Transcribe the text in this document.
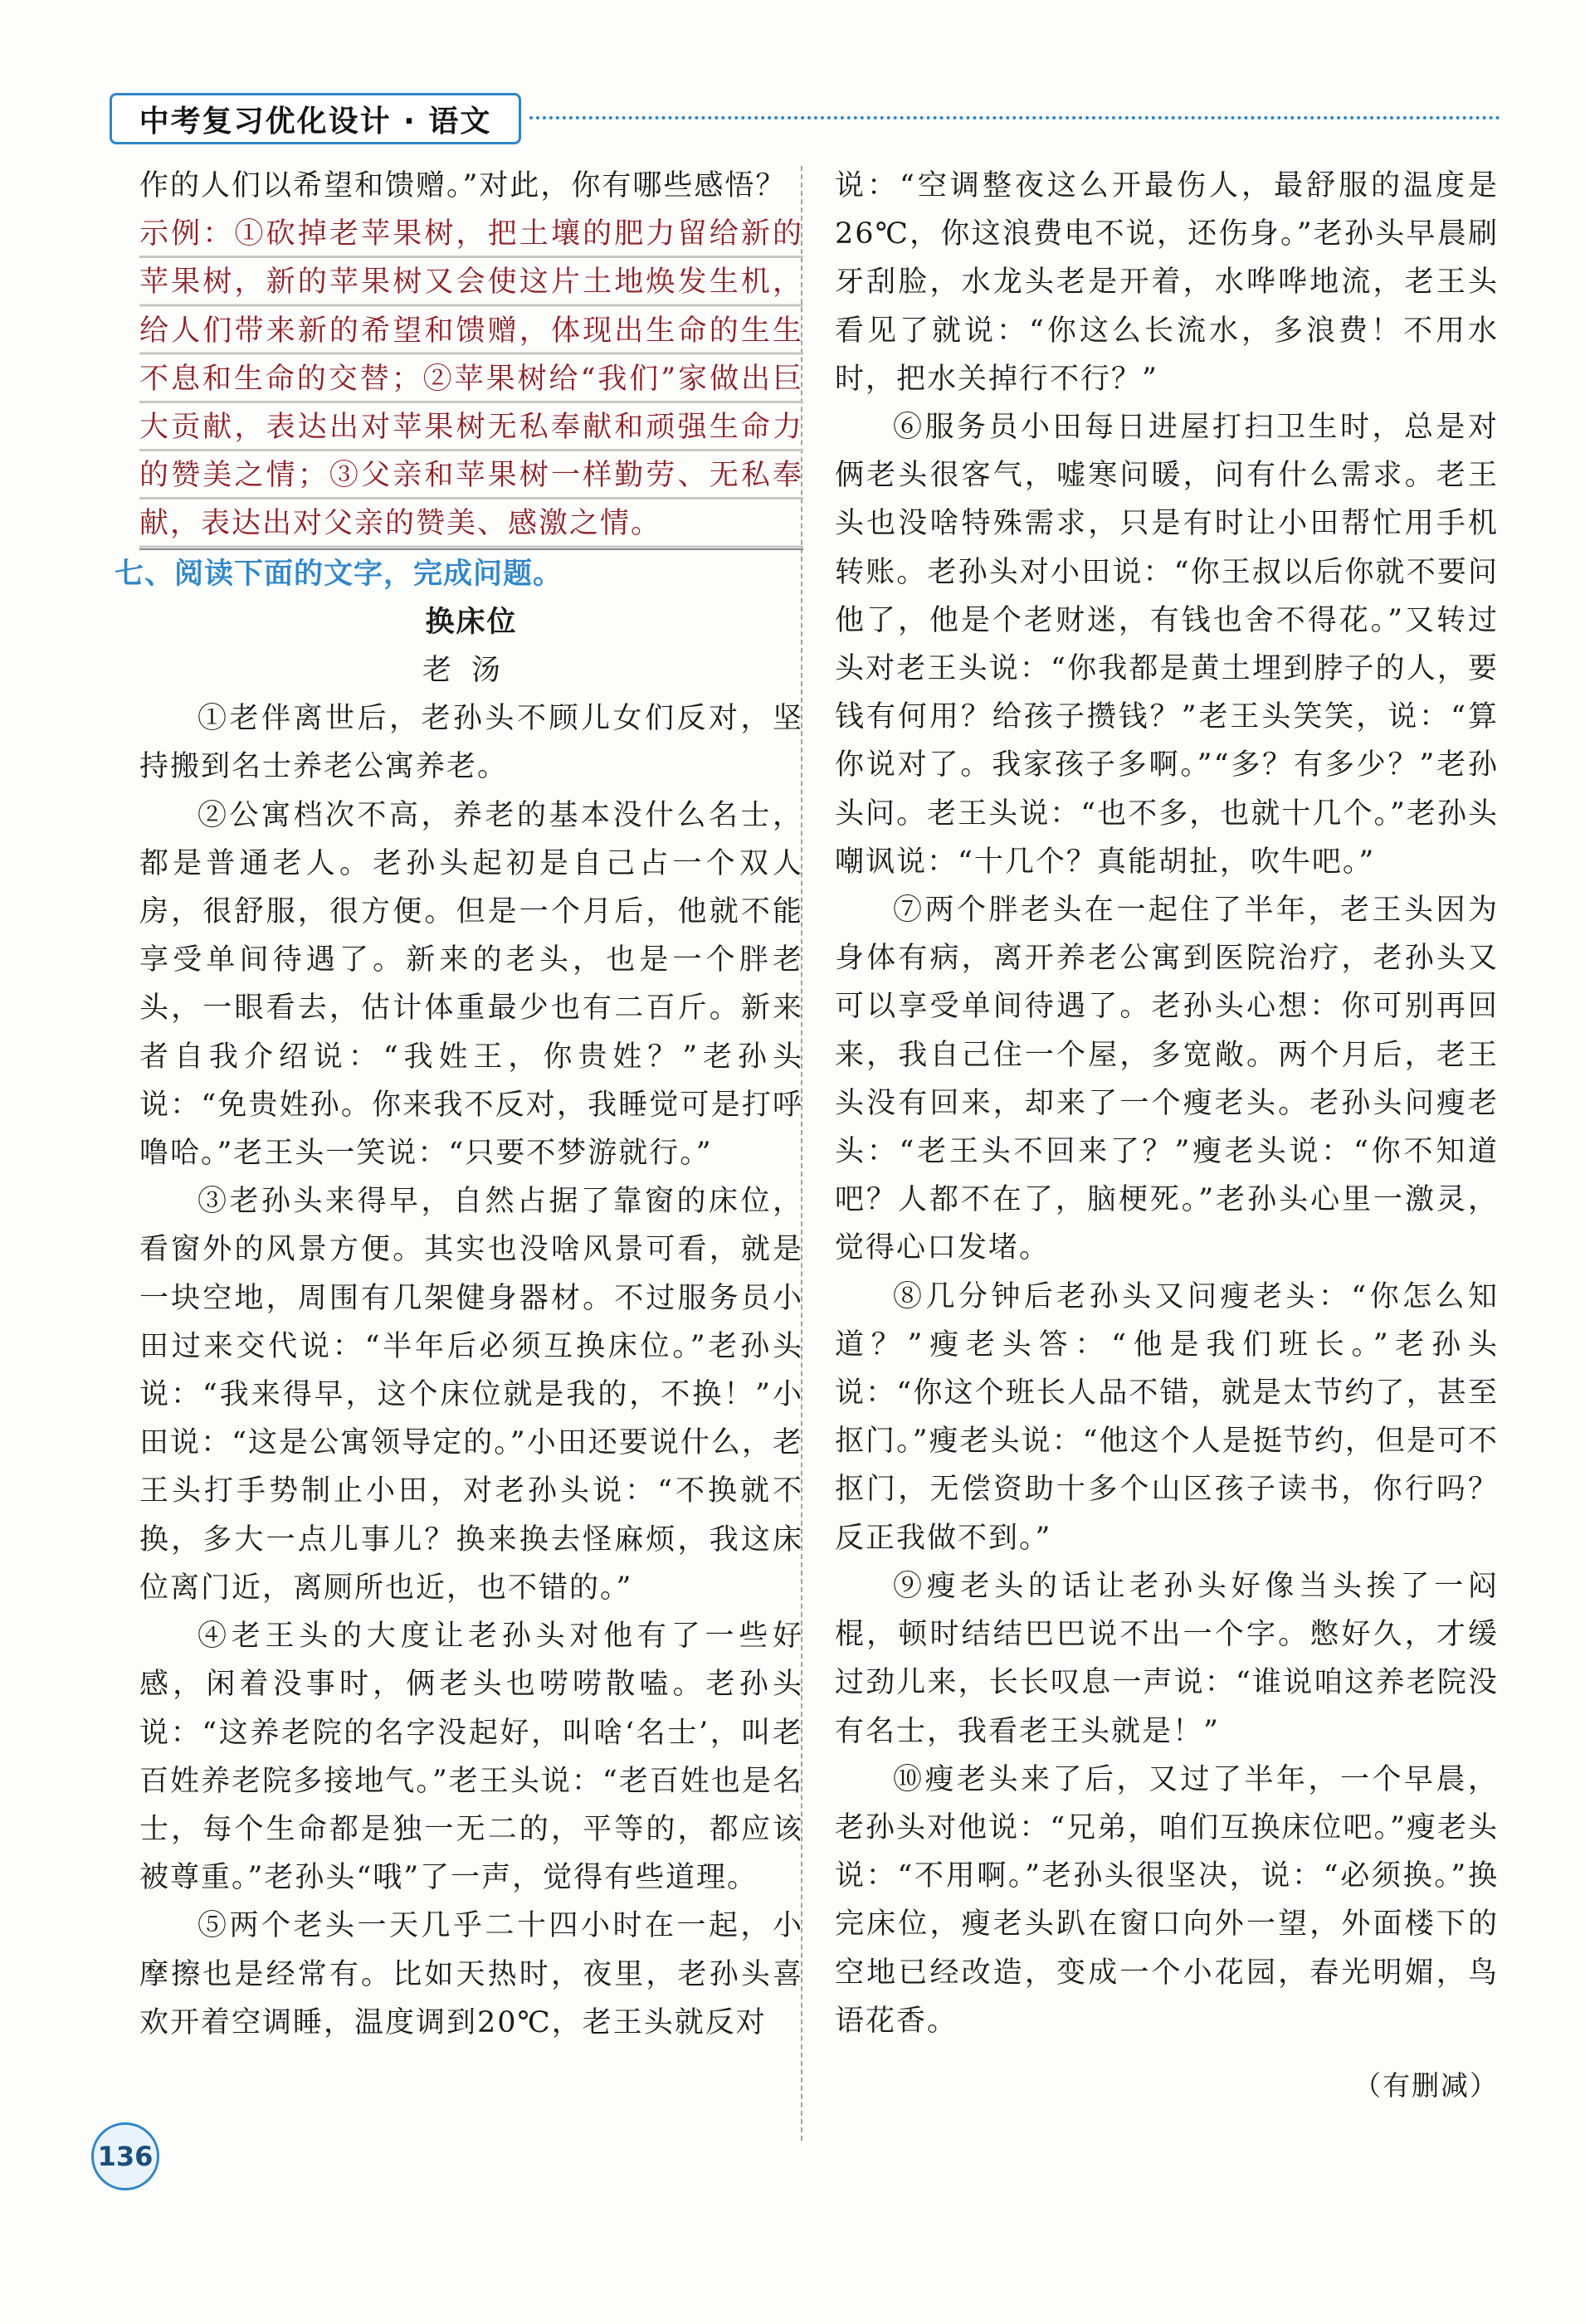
中考复习优化设计 · 语文

作的人们以希望和馈赠。”对此，你有哪些感悟？

示例：①砍掉老苹果树，把土壤的肥力留给新的苹果树，新的苹果树又会使这片土地焕发生机，给人们带来新的希望和馈赠，体现出生命的生生不息和生命的交替；②苹果树给“我们”家做出巨大贡献，表达出对苹果树无私奉献和顽强生命力的赞美之情；③父亲和苹果树一样勤劳、无私奉献，表达出对父亲的赞美、感激之情。

七、阅读下面的文字，完成问题。

换床位

老汤

①老伴离世后，老孙头不顾儿女们反对，坚持搬到名士养老公寓养老。

②公寓档次不高，养老的基本没什么名士，都是普通老人。老孙头起初是自己占一个双人房，很舒服，很方便。但是一个月后，他就不能享受单间待遇了。新来的老头，也是一个胖老头，一眼看去，估计体重最少也有二百斤。新来者自我介绍说：“我姓王，你贵姓？”老孙头说：“免贵姓孙。你来我不反对，我睡觉可是打呼噜哈。”老王头一笑说：“只要不梦游就行。”

③老孙头来得早，自然占据了靠窗的床位，看窗外的风景方便。其实也没啥风景可看，就是一块空地，周围有几架健身器材。不过服务员小田过来交代说：“半年后必须互换床位。”老孙头说：“我来得早，这个床位就是我的，不换！”小田说：“这是公寓领导定的。”小田还要说什么，老王头打手势制止小田，对老孙头说：“不换就不换，多大一点儿事儿？换来换去怪麻烦，我这床位离门近，离厕所也近，也不错的。”

④老王头的大度让老孙头对他有了一些好感，闲着没事时，俩老头也唠唠散嗑。老孙头说：“这养老院的名字没起好，叫啥‘名士’，叫老百姓养老院多接地气。”老王头说：“老百姓也是名士，每个生命都是独一无二的，平等的，都应该被尊重。”老孙头“哦”了一声，觉得有些道理。

⑤两个老头一天几乎二十四小时在一起，小摩擦也是经常有。比如天热时，夜里，老孙头喜欢开着空调睡，温度调到20℃，老王头就反对

说：“空调整夜这么开最伤人，最舒服的温度是26℃，你这浪费电不说，还伤身。”老孙头早晨刷牙刮脸，水龙头老是开着，水哗哗地流，老王头看见了就说：“你这么长流水，多浪费！不用水时，把水关掉行不行？”

⑥服务员小田每日进屋打扫卫生时，总是对俩老头很客气，嘘寒问暖，问有什么需求。老王头也没啥特殊需求，只是有时让小田帮忙用手机转账。老孙头对小田说：“你王叔以后你就不要问他了，他是个老财迷，有钱也舍不得花。”又转过头对老王头说：“你我都是黄土埋到脖子的人，要钱有何用？给孩子攒钱？”老王头笑笑，说：“算你说对了。我家孩子多啊。”“多？有多少？”老孙头问。老王头说：“也不多，也就十几个。”老孙头嘲讽说：“十几个？真能胡扯，吹牛吧。”

⑦两个胖老头在一起住了半年，老王头因为身体有病，离开养老公寓到医院治疗，老孙头又可以享受单间待遇了。老孙头心想：你可别再回来，我自己住一个屋，多宽敞。两个月后，老王头没有回来，却来了一个瘦老头。老孙头问瘦老头：“老王头不回来了？”瘦老头说：“你不知道吧？人都不在了，脑梗死。”老孙头心里一激灵，觉得心口发堵。

⑧几分钟后老孙头又问瘦老头：“你怎么知道？”瘦老头答：“他是我们班长。”老孙头说：“你这个班长人品不错，就是太节约了，甚至抠门。”瘦老头说：“他这个人是挺节约，但是可不抠门，无偿资助十多个山区孩子读书，你行吗？反正我做不到。”

⑨瘦老头的话让老孙头好像当头挨了一闷棍，顿时结结巴巴说不出一个字。憋好久，才缓过劲儿来，长长叹息一声说：“谁说咱这养老院没有名士，我看老王头就是！”

⑩瘦老头来了后，又过了半年，一个早晨，老孙头对他说：“兄弟，咱们互换床位吧。”瘦老头说：“不用啊。”老孙头很坚决，说：“必须换。”换完床位，瘦老头趴在窗口向外一望，外面楼下的空地已经改造，变成一个小花园，春光明媚，鸟语花香。

（有删减）

136
